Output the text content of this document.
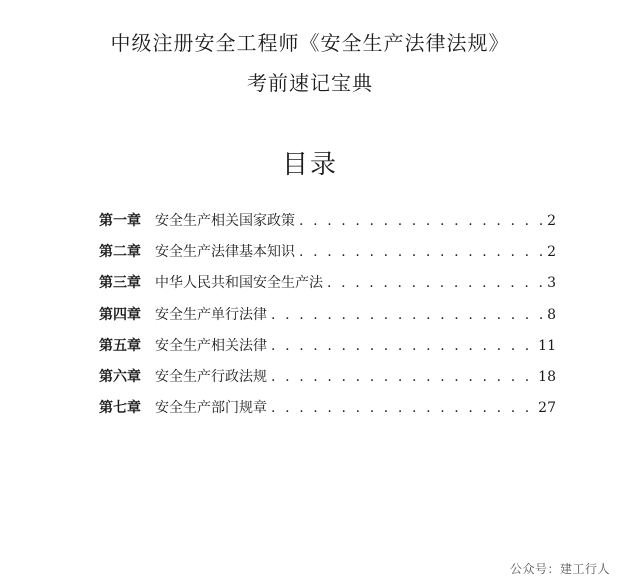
中级注册安全工程师《安全生产法律法规》
考前速记宝典
目录
第一章	安全生产相关国家政策 . . .	2
第二章	安全生产法律基本知识 . . .	2
第三章	中华人民共和国安全生产法 . . .	3
第四章	安全生产单行法律 . . .	8
第五章	安全生产相关法律 . . .	11
第六章	安全生产行政法规 . . .	18
第七章	安全生产部门规章 . . .	27
公众号：建工行人
